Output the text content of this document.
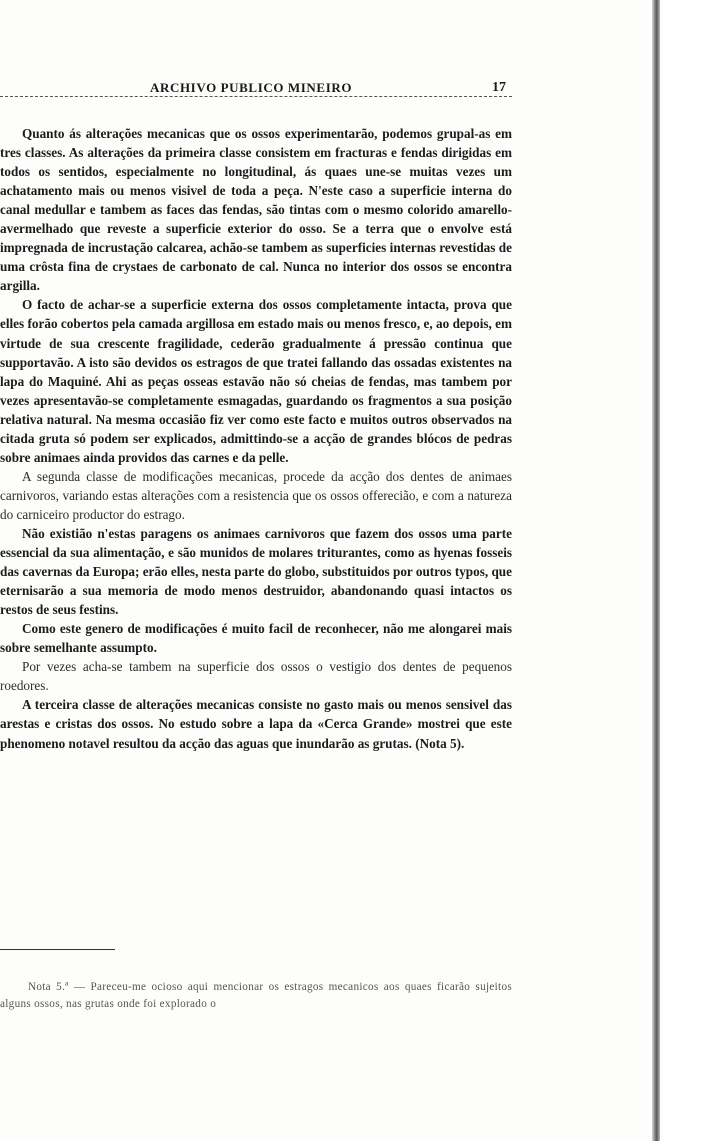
ARCHIVO PUBLICO MINEIRO	17

Quanto ás alterações mecanicas que os ossos experimentarão, podemos grupal-as em tres classes. As alterações da primeira classe consistem em fracturas e fendas dirigidas em todos os sentidos, especialmente no longitudinal, ás quaes une-se muitas vezes um achatamento mais ou menos visivel de toda a peça. N'este caso a superficie interna do canal medullar e tambem as faces das fendas, são tintas com o mesmo colorido amarello-avermelhado que reveste a superficie exterior do osso. Se a terra que o envolve está impregnada de incrustação calcarea, achão-se tambem as superficies internas revestidas de uma crôsta fina de crystaes de carbonato de cal. Nunca no interior dos ossos se encontra argilla.

O facto de achar-se a superficie externa dos ossos completamente intacta, prova que elles forão cobertos pela camada argillosa em estado mais ou menos fresco, e, ao depois, em virtude de sua crescente fragilidade, cederão gradualmente á pressão continua que supportavão. A isto são devidos os estragos de que tratei fallando das ossadas existentes na lapa do Maquiné. Ahi as peças osseas estavão não só cheias de fendas, mas tambem por vezes apresentavão-se completamente esmagadas, guardando os fragmentos a sua posição relativa natural. Na mesma occasião fiz ver como este facto e muitos outros observados na citada gruta só podem ser explicados, admittindo-se a acção de grandes blócos de pedras sobre animaes ainda providos das carnes e da pelle.

A segunda classe de modificações mecanicas, procede da acção dos dentes de animaes carnivoros, variando estas alterações com a resistencia que os ossos offerecião, e com a natureza do carniceiro productor do estrago.

Não existião n'estas paragens os animaes carnivoros que fazem dos ossos uma parte essencial da sua alimentação, e são munidos de molares triturantes, como as hyenas fosseis das cavernas da Europa; erão elles, nesta parte do globo, substituidos por outros typos, que eternisarão a sua memoria de modo menos destruidor, abandonando quasi intactos os restos de seus festins.

Como este genero de modificações é muito facil de reconhecer, não me alongarei mais sobre semelhante assumpto.

Por vezes acha-se tambem na superficie dos ossos o vestigio dos dentes de pequenos roedores.

A terceira classe de alterações mecanicas consiste no gasto mais ou menos sensivel das arestas e cristas dos ossos. No estudo sobre a lapa da «Cerca Grande» mostrei que este phenomeno notavel resultou da acção das aguas que inundarão as grutas. (Nota 5).

Nota 5.ª — Pareceu-me ocioso aqui mencionar os estragos mecanicos aos quaes ficarão sujeitos alguns ossos, nas grutas onde foi explorado o
